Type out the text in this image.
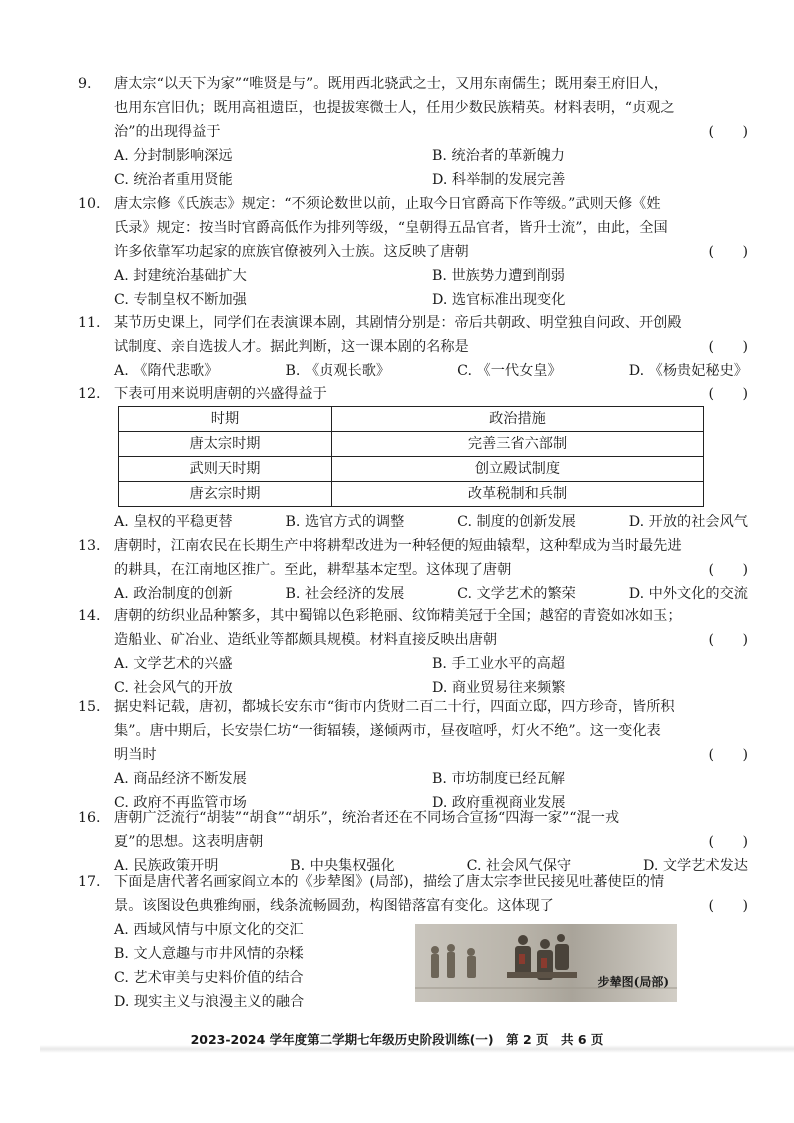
9. 唐太宗“以天下为家”“唯贤是与”。既用西北骁武之士，又用东南儒生；既用秦王府旧人，
也用东宫旧仇；既用高祖遗臣，也提拔寒微士人，任用少数民族精英。材料表明，“贞观之
治”的出现得益于	(　　)
A. 分封制影响深远	B. 统治者的革新魄力
C. 统治者重用贤能	D. 科举制的发展完善
10. 唐太宗修《氏族志》规定：“不须论数世以前，止取今日官爵高下作等级。”武则天修《姓
氏录》规定：按当时官爵高低作为排列等级，“皇朝得五品官者，皆升士流”，由此，全国
许多依靠军功起家的庶族官僚被列入士族。这反映了唐朝	(　　)
A. 封建统治基础扩大	B. 世族势力遭到削弱
C. 专制皇权不断加强	D. 选官标准出现变化
11. 某节历史课上，同学们在表演课本剧，其剧情分别是：帝后共朝政、明堂独自问政、开创殿
试制度、亲自选拔人才。据此判断，这一课本剧的名称是	(　　)
A. 《隋代悲歌》	B. 《贞观长歌》	C. 《一代女皇》	D. 《杨贵妃秘史》
12. 下表可用来说明唐朝的兴盛得益于	(　　)
时期	政治措施
唐太宗时期	完善三省六部制
武则天时期	创立殿试制度
唐玄宗时期	改革税制和兵制
A. 皇权的平稳更替	B. 选官方式的调整	C. 制度的创新发展	D. 开放的社会风气
13. 唐朝时，江南农民在长期生产中将耕犁改进为一种轻便的短曲辕犁，这种犁成为当时最先进
的耕具，在江南地区推广。至此，耕犁基本定型。这体现了唐朝	(　　)
A. 政治制度的创新	B. 社会经济的发展	C. 文学艺术的繁荣	D. 中外文化的交流
14. 唐朝的纺织业品种繁多，其中蜀锦以色彩艳丽、纹饰精美冠于全国；越窑的青瓷如冰如玉；
造船业、矿冶业、造纸业等都颇具规模。材料直接反映出唐朝	(　　)
A. 文学艺术的兴盛	B. 手工业水平的高超
C. 社会风气的开放	D. 商业贸易往来频繁
15. 据史料记载，唐初，都城长安东市“街市内货财二百二十行，四面立邸，四方珍奇，皆所积
集”。唐中期后，长安崇仁坊“一街辐辏，遂倾两市，昼夜喧呼，灯火不绝”。这一变化表
明当时	(　　)
A. 商品经济不断发展	B. 市坊制度已经瓦解
C. 政府不再监管市场	D. 政府重视商业发展
16. 唐朝广泛流行“胡装”“胡食”“胡乐”，统治者还在不同场合宣扬“四海一家”“混一戎
夏”的思想。这表明唐朝	(　　)
A. 民族政策开明	B. 中央集权强化	C. 社会风气保守	D. 文学艺术发达
17. 下面是唐代著名画家阎立本的《步辇图》(局部)，描绘了唐太宗李世民接见吐蕃使臣的情
景。该图设色典雅绚丽，线条流畅圆劲，构图错落富有变化。这体现了	(　　)
A. 西域风情与中原文化的交汇
B. 文人意趣与市井风情的杂糅
C. 艺术审美与史料价值的结合
D. 现实主义与浪漫主义的融合
步辇图(局部)
2023-2024 学年度第二学期七年级历史阶段训练(一)　第 2 页　共 6 页
